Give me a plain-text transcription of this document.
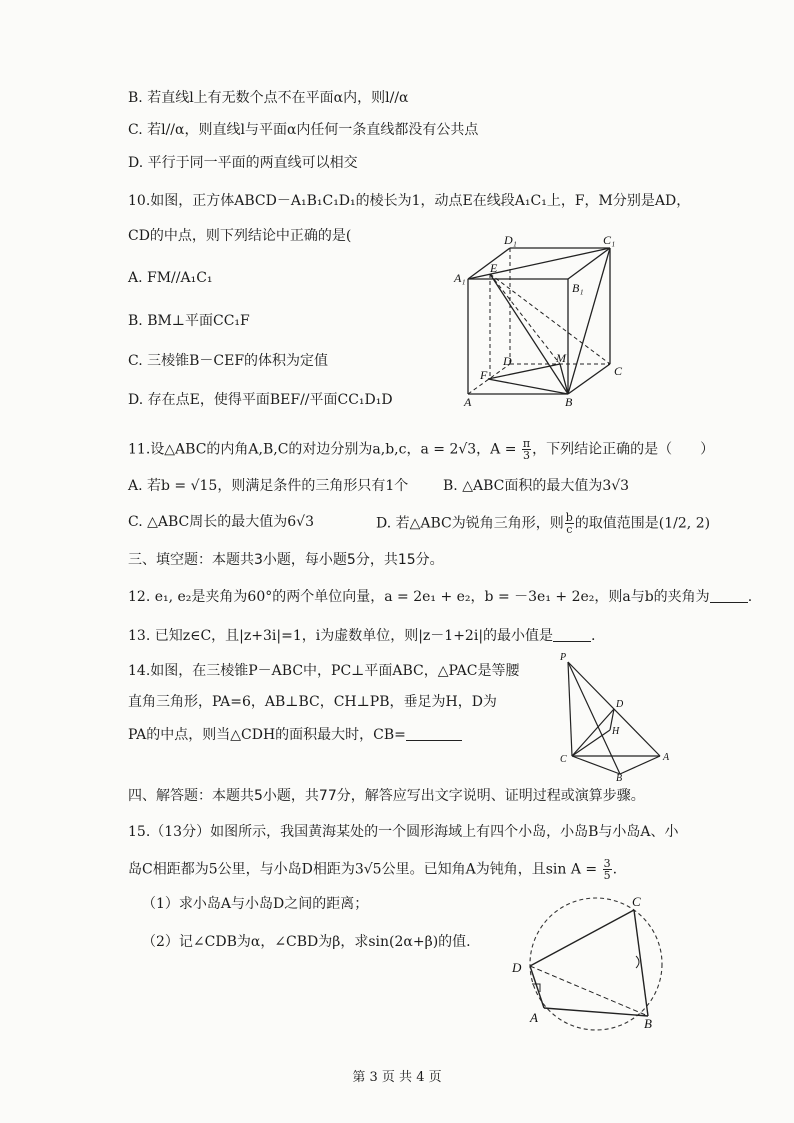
B. 若直线l上有无数个点不在平面α内，则l//α
C. 若l//α，则直线l与平面α内任何一条直线都没有公共点
D. 平行于同一平面的两直线可以相交
10.如图，正方体ABCD－A₁B₁C₁D₁的棱长为1，动点E在线段A₁C₁上，F，M分别是AD，
CD的中点，则下列结论中正确的是(
A. FM//A₁C₁
B. BM⊥平面CC₁F
C. 三棱锥B－CEF的体积为定值
D. 存在点E，使得平面BEF//平面CC₁D₁D
D₁	C₁
A₁
E
B₁
D	M
F	C
A	B
11.设△ABC的内角A,B,C的对边分别为a,b,c，a = 2√3，$A = \frac{\pi}{3}$ ，下列结论正确的是（　　）
A. 若b = √15，则满足条件的三角形只有1个 B. △ABC面积的最大值为3√3
C. △ABC周长的最大值为6√3	D. 若△ABC为锐角三角形，则 $\frac{b}{c}$ 的取值范围是(1/2, 2)
三、填空题：本题共3小题，每小题5分，共15分。
12. e₁, e₂是夹角为60°的两个单位向量，a = 2e₁ + e₂，b = －3e₁ + 2e₂，则a与b的夹角为	.
13. 已知z∈C，且|z+3i|=1，i为虚数单位，则|z－1+2i|的最小值是	.
14.如图，在三棱锥P－ABC中，PC⊥平面ABC，△PAC是等腰
直角三角形，PA=6，AB⊥BC，CH⊥PB，垂足为H，D为
PA的中点，则当△CDH的面积最大时，CB=
P
D
H
C	A
B
四、解答题：本题共5小题，共77分，解答应写出文字说明、证明过程或演算步骤。
15.（13分）如图所示，我国黄海某处的一个圆形海域上有四个小岛，小岛B与小岛A、小
岛C相距都为5公里，与小岛D相距为3√5公里。已知角A为钝角，且$\sin A = \frac{3}{5}$ .
（1）求小岛A与小岛D之间的距离；
（2）记∠CDB为α，∠CBD为β，求sin(2α+β)的值.
C
D
A	B
第 3 页 共 4 页
